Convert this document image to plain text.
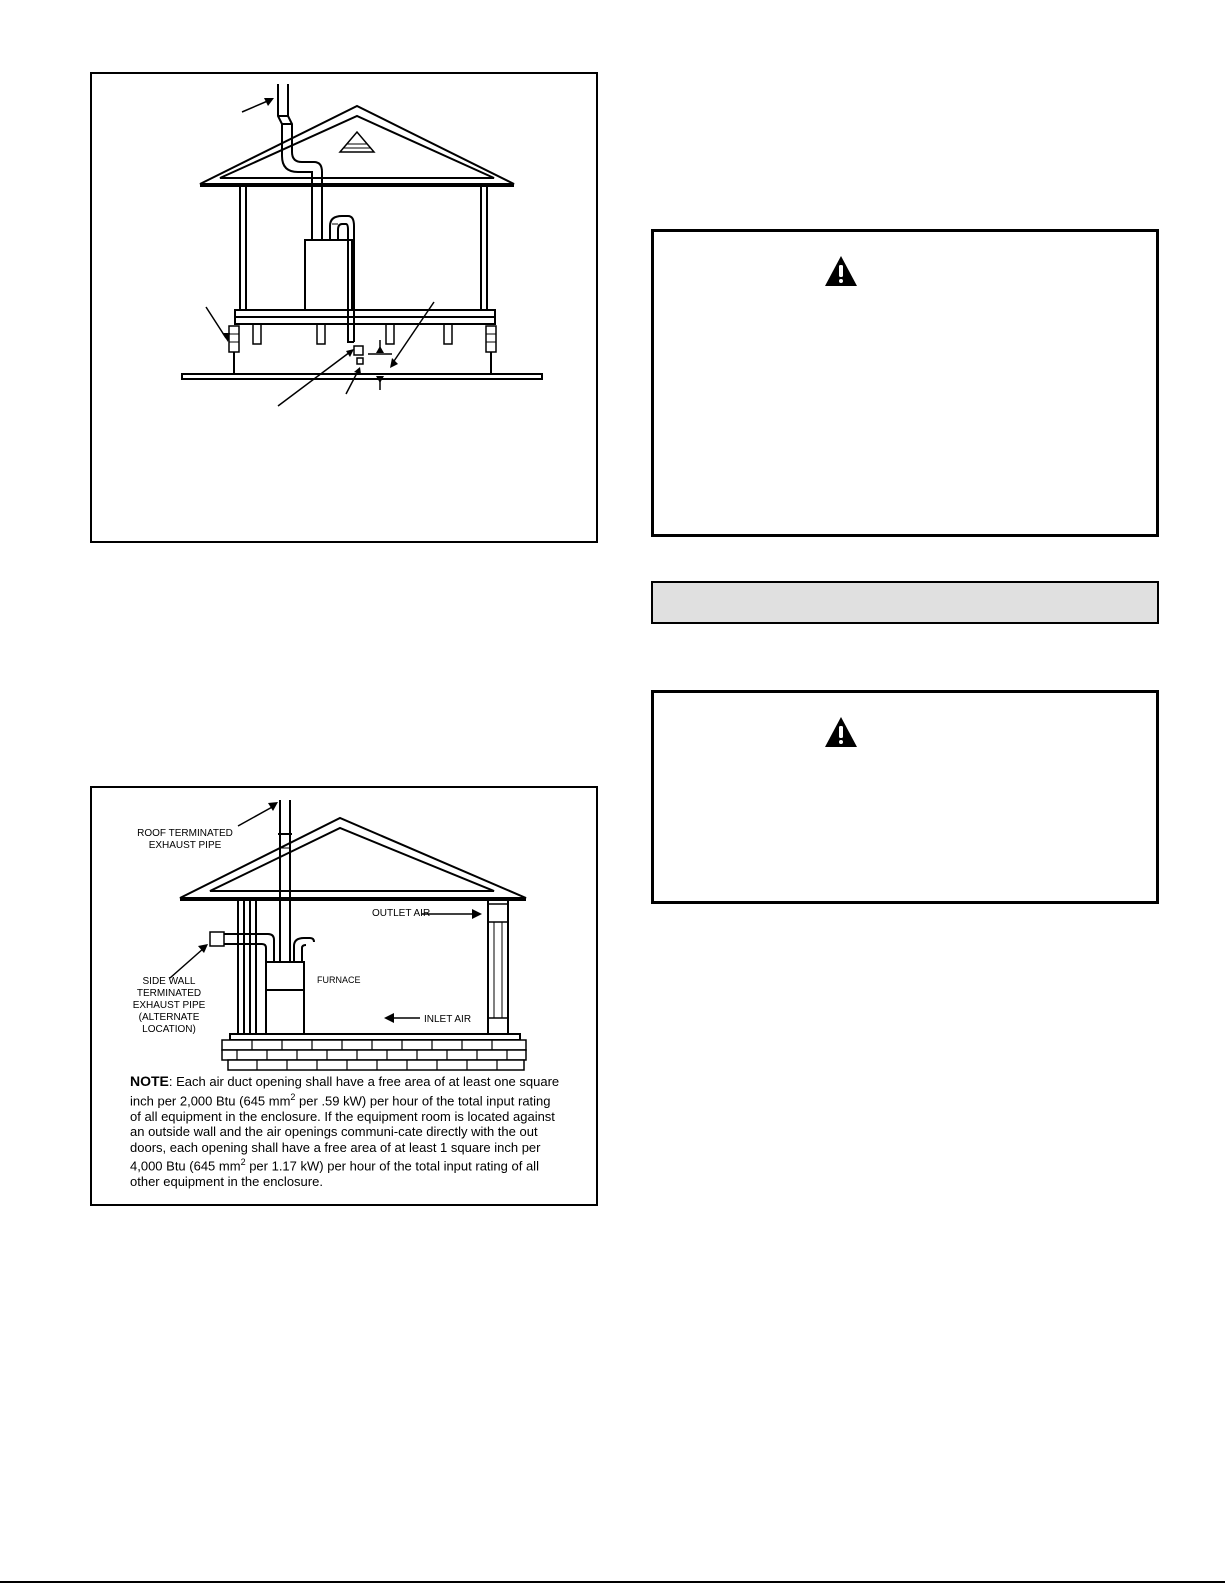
ROOF TERMINATED
EXHAUST PIPE
SIDE WALL
TERMINATED
EXHAUST PIPE
(ALTERNATE
LOCATION)
OUTLET AIR
FURNACE
INLET AIR
NOTE: Each air duct opening shall have a free area of at least one square inch per 2,000 Btu (645 $mm^2$ per .59 kW) per hour of the total input rating of all equipment in the enclosure. If the equipment room is located against an outside wall and the air openings communi-cate directly with the out doors, each opening shall have a free area of at least 1 square inch per 4,000 Btu (645 $mm^2$ per 1.17 kW) per hour of the total input rating of all other equipment in the enclosure.
